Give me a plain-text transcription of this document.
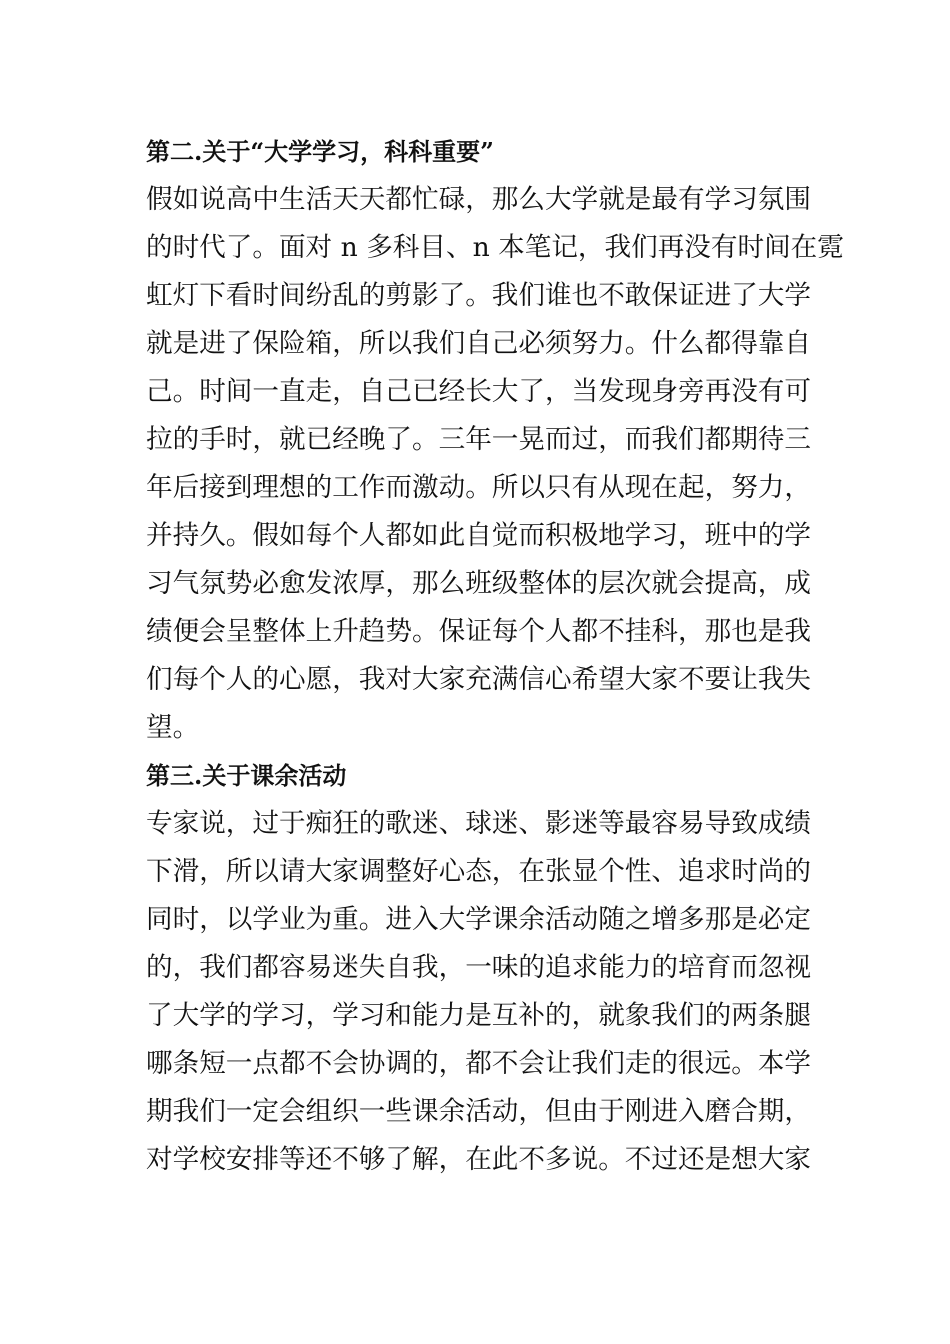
第二.关于“大学学习，科科重要”

假如说高中生活天天都忙碌，那么大学就是最有学习氛围
的时代了。面对 n 多科目、n 本笔记，我们再没有时间在霓
虹灯下看时间纷乱的剪影了。我们谁也不敢保证进了大学
就是进了保险箱，所以我们自己必须努力。什么都得靠自
己。时间一直走，自己已经长大了，当发现身旁再没有可
拉的手时，就已经晚了。三年一晃而过，而我们都期待三
年后接到理想的工作而激动。所以只有从现在起，努力，
并持久。假如每个人都如此自觉而积极地学习，班中的学
习气氛势必愈发浓厚，那么班级整体的层次就会提高，成
绩便会呈整体上升趋势。保证每个人都不挂科，那也是我
们每个人的心愿，我对大家充满信心希望大家不要让我失
望。

第三.关于课余活动

专家说，过于痴狂的歌迷、球迷、影迷等最容易导致成绩
下滑，所以请大家调整好心态，在张显个性、追求时尚的
同时，以学业为重。进入大学课余活动随之增多那是必定
的，我们都容易迷失自我，一味的追求能力的培育而忽视
了大学的学习，学习和能力是互补的，就象我们的两条腿
哪条短一点都不会协调的，都不会让我们走的很远。本学
期我们一定会组织一些课余活动，但由于刚进入磨合期，
对学校安排等还不够了解，在此不多说。不过还是想大家
